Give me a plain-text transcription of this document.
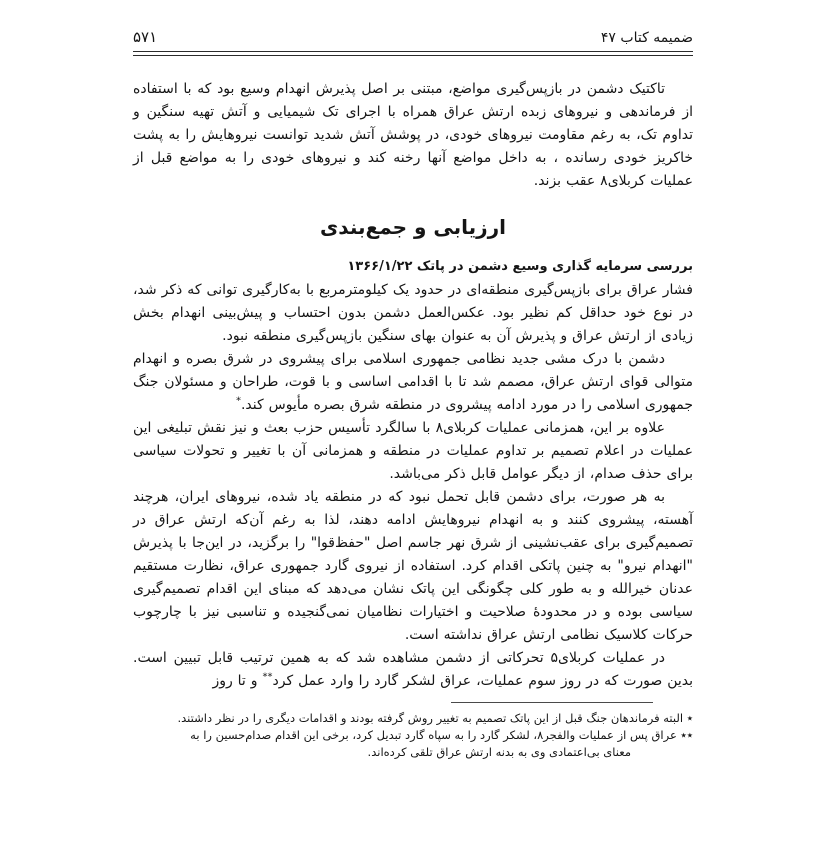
ضمیمه کتاب ۴۷
۵۷۱

تاکتیک دشمن در بازپس‌گیری مواضع، مبتنی بر اصل پذیرش انهدام وسیع بود که با استفاده از فرماندهی و نیروهای زبده ارتش عراق همراه با اجرای تک شیمیایی و آتش تهیه سنگین و تداوم تک، به رغم مقاومت نیروهای خودی، در پوشش آتش شدید توانست نیروهایش را به پشت خاکریز خودی رسانده ، به داخل مواضع آنها رخنه کند و نیروهای خودی را به مواضع قبل از عملیات کربلای۸ عقب بزند.

ارزیابی و جمع‌بندی
بررسی سرمایه گذاری وسیع دشمن در پاتک ۱۳۶۶/۱/۲۲

فشار عراق برای بازپس‌گیری منطقه‌ای در حدود یک کیلومترمربع با به‌کارگیری توانی که ذکر شد، در نوع خود حداقل کم نظیر بود. عکس‌العمل دشمن بدون احتساب و پیش‌بینی انهدام بخش زیادی از ارتش عراق و پذیرش آن به عنوان بهای سنگین بازپس‌گیری منطقه نبود.

دشمن با درک مشی جدید نظامی جمهوری اسلامی برای پیشروی در شرق بصره و انهدام متوالی قوای ارتش عراق، مصمم شد تا با اقدامی اساسی و با قوت، طراحان و مسئولان جنگ جمهوری اسلامی را در مورد ادامه پیشروی در منطقه شرق بصره مأیوس کند.*

علاوه بر این، همزمانی عملیات کربلای۸ با سالگرد تأسیس حزب بعث و نیز نقش تبلیغی این عملیات در اعلام تصمیم بر تداوم عملیات در منطقه و همزمانی آن با تغییر و تحولات سیاسی برای حذف صدام، از دیگر عوامل قابل ذکر می‌باشد.

به هر صورت، برای دشمن قابل تحمل نبود که در منطقه یاد شده، نیروهای ایران، هرچند آهسته، پیشروی کنند و به انهدام نیروهایش ادامه دهند، لذا به رغم آن‌که ارتش عراق در تصمیم‌گیری برای عقب‌نشینی از شرق نهر جاسم اصل "حفظ‌قوا" را برگزید، در این‌جا با پذیرش "انهدام نیرو" به چنین پاتکی اقدام کرد. استفاده از نیروی گارد جمهوری عراق، نظارت مستقیم عدنان خیرالله و به طور کلی چگونگی این پاتک نشان می‌دهد که مبنای این اقدام تصمیم‌گیری سیاسی بوده و در محدودۀ صلاحیت و اختیارات نظامیان نمی‌گنجیده و تناسبی نیز با چارچوب حرکات کلاسیک نظامی ارتش عراق نداشته است.

در عملیات کربلای۵ تحرکاتی از دشمن مشاهده شد که به همین ترتیب قابل تبیین است. بدین صورت که در روز سوم عملیات، عراق لشکر گارد را وارد عمل کرد** و تا روز

٭ البته فرماندهان جنگ قبل از این پاتک تصمیم به تغییر روش گرفته بودند و اقدامات دیگری را در نظر داشتند.

٭٭ عراق پس از عملیات والفجر۸، لشکر گارد را به سپاه گارد تبدیل کرد، برخی این اقدام صدام‌حسین را به

معنای بی‌اعتمادی وی به بدنه ارتش عراق تلقی کرده‌اند.
